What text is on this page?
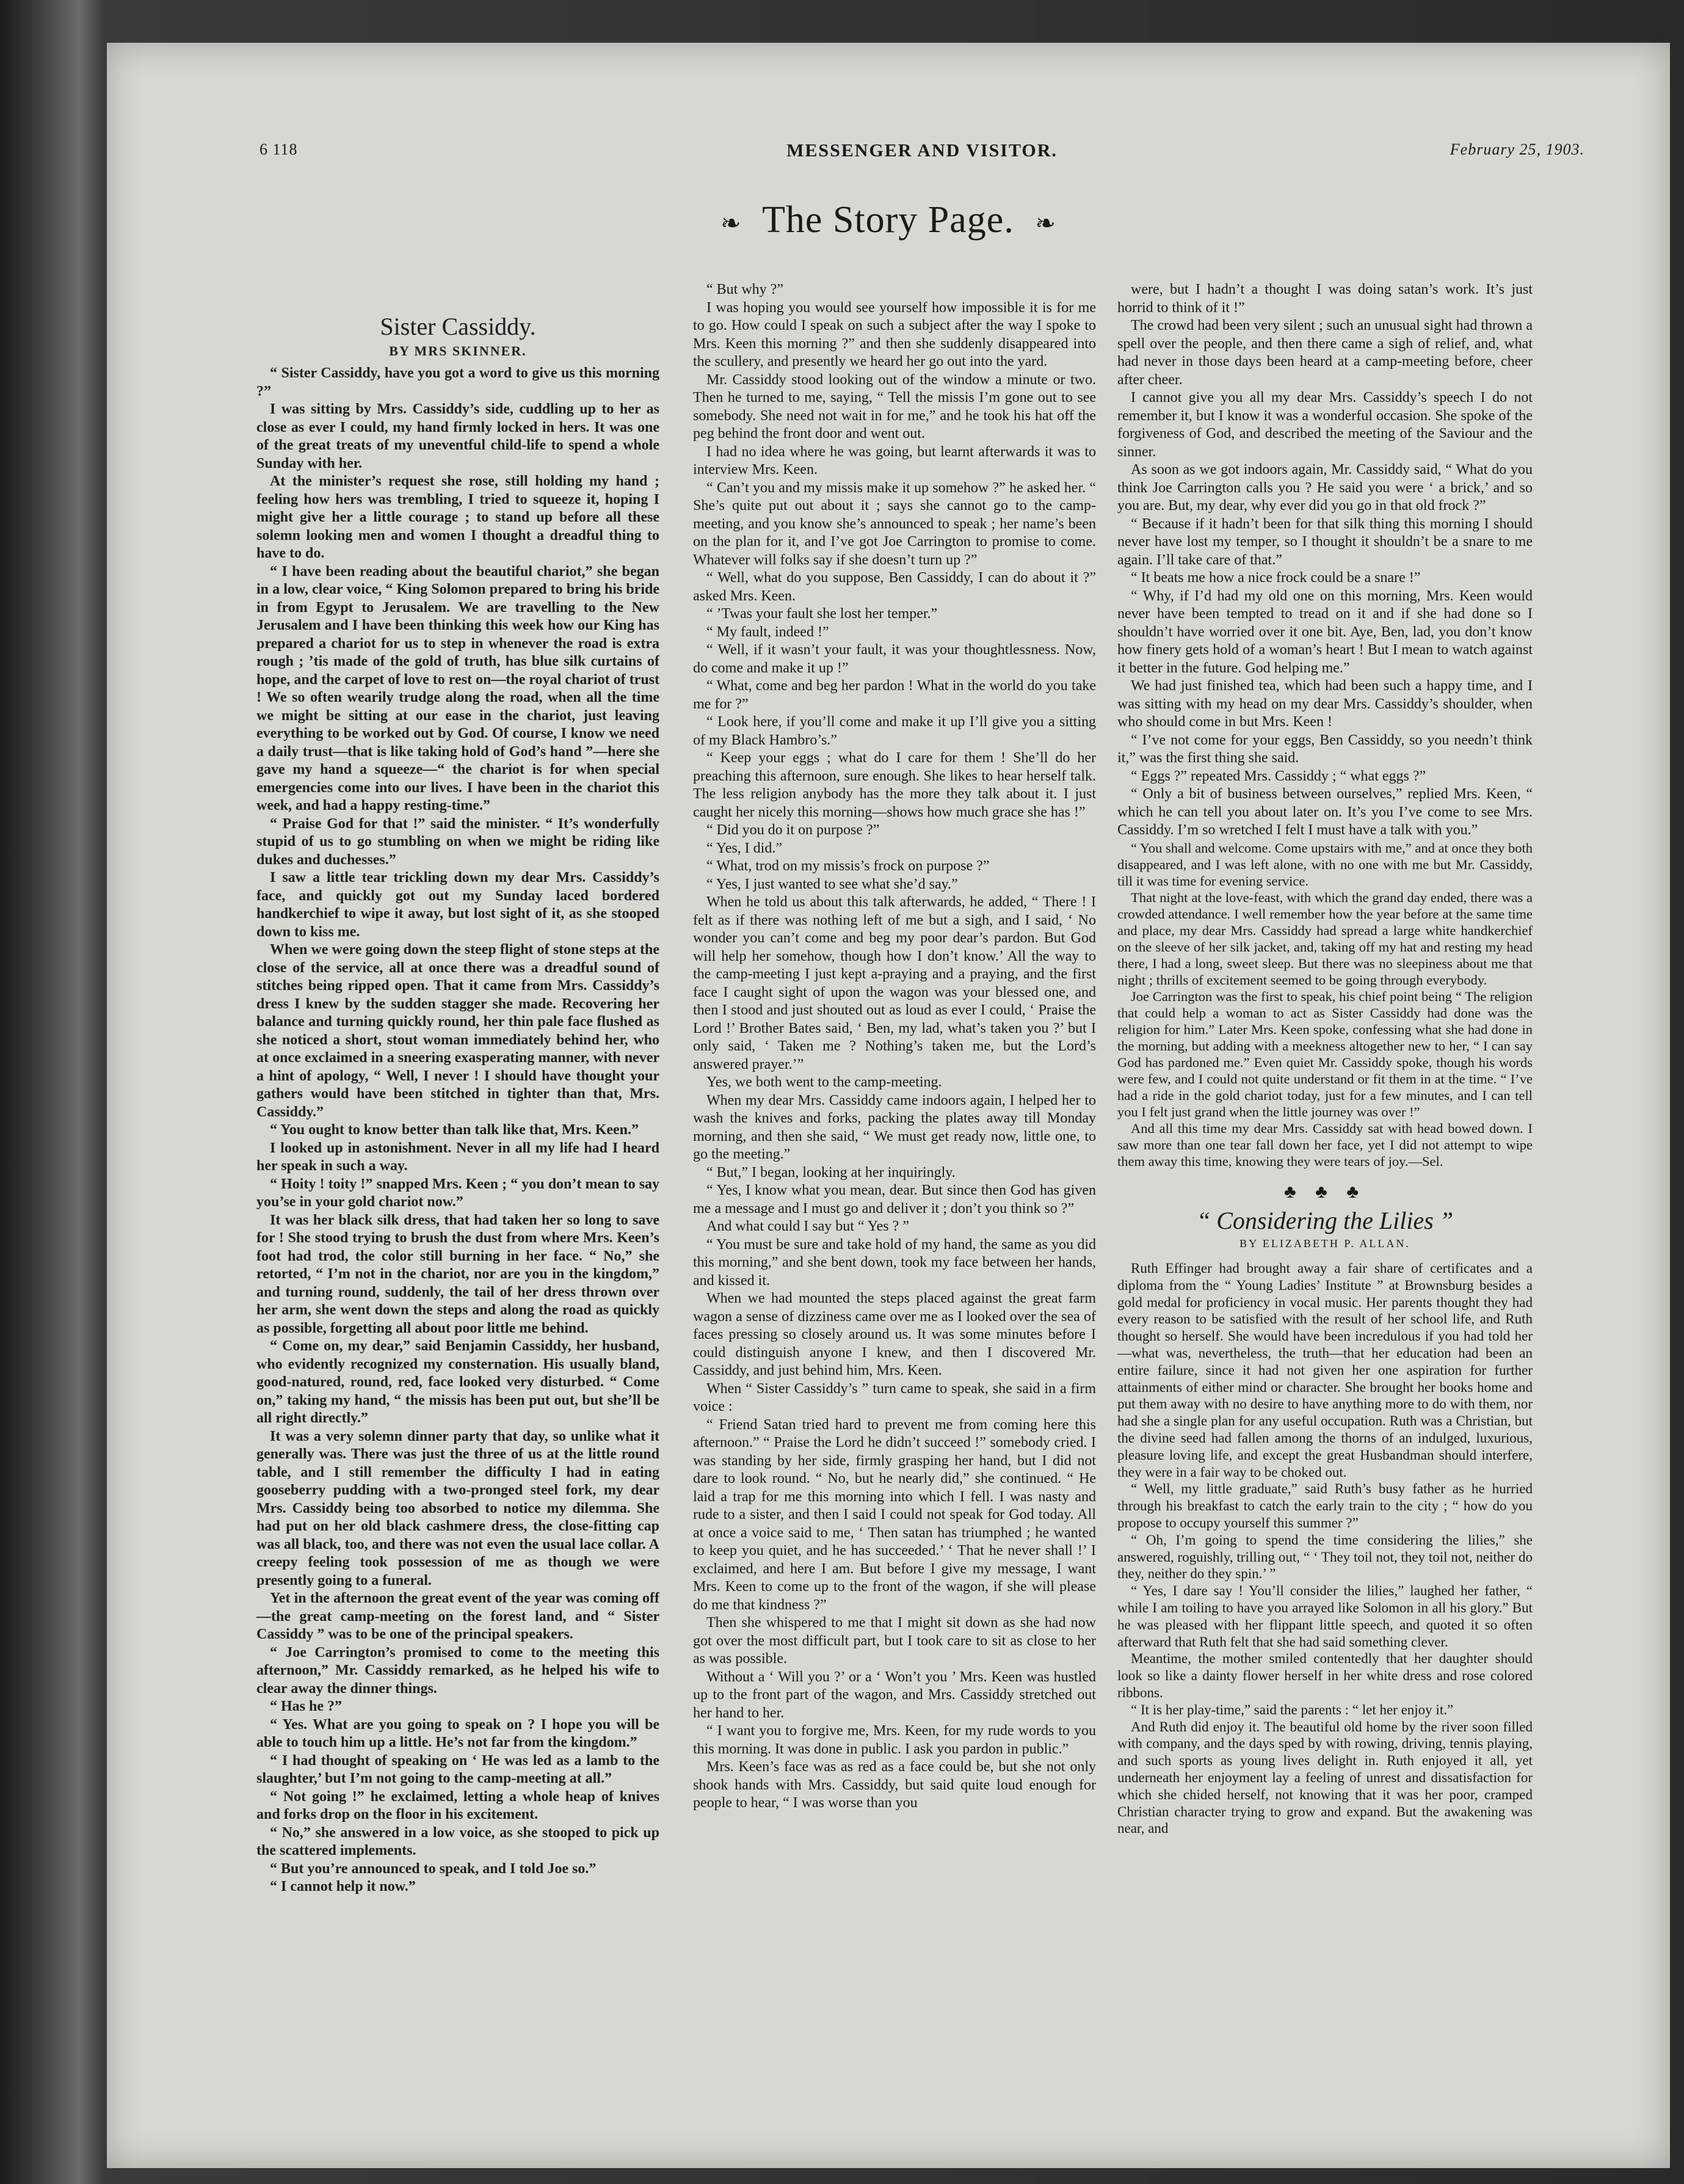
6 118	MESSENGER AND VISITOR.	February 25, 1903.
❧ The Story Page. ❧
Sister Cassiddy.
BY MRS SKINNER.

“ Sister Cassiddy, have you got a word to give us this morning ?”

I was sitting by Mrs. Cassiddy’s side, cuddling up to her as close as ever I could, my hand firmly locked in hers. It was one of the great treats of my uneventful child-life to spend a whole Sunday with her.

At the minister’s request she rose, still holding my hand ; feeling how hers was trembling, I tried to squeeze it, hoping I might give her a little courage ; to stand up before all these solemn looking men and women I thought a dreadful thing to have to do.

“ I have been reading about the beautiful chariot,” she began in a low, clear voice, “ King Solomon prepared to bring his bride in from Egypt to Jerusalem. We are travelling to the New Jerusalem and I have been thinking this week how our King has prepared a chariot for us to step in whenever the road is extra rough ; ’tis made of the gold of truth, has blue silk curtains of hope, and the carpet of love to rest on—the royal chariot of trust ! We so often wearily trudge along the road, when all the time we might be sitting at our ease in the chariot, just leaving everything to be worked out by God. Of course, I know we need a daily trust—that is like taking hold of God’s hand ”—here she gave my hand a squeeze—“ the chariot is for when special emergencies come into our lives. I have been in the chariot this week, and had a happy resting-time.”

“ Praise God for that !” said the minister. “ It’s wonderfully stupid of us to go stumbling on when we might be riding like dukes and duchesses.”

I saw a little tear trickling down my dear Mrs. Cassiddy’s face, and quickly got out my Sunday laced bordered handkerchief to wipe it away, but lost sight of it, as she stooped down to kiss me.

When we were going down the steep flight of stone steps at the close of the service, all at once there was a dreadful sound of stitches being ripped open. That it came from Mrs. Cassiddy’s dress I knew by the sudden stagger she made. Recovering her balance and turning quickly round, her thin pale face flushed as she noticed a short, stout woman immediately behind her, who at once exclaimed in a sneering exasperating manner, with never a hint of apology, “ Well, I never ! I should have thought your gathers would have been stitched in tighter than that, Mrs. Cassiddy.”

“ You ought to know better than talk like that, Mrs. Keen.”

I looked up in astonishment. Never in all my life had I heard her speak in such a way.

“ Hoity ! toity !” snapped Mrs. Keen ; “ you don’t mean to say you’se in your gold chariot now.”

It was her black silk dress, that had taken her so long to save for ! She stood trying to brush the dust from where Mrs. Keen’s foot had trod, the color still burning in her face. “ No,” she retorted, “ I’m not in the chariot, nor are you in the kingdom,” and turning round, suddenly, the tail of her dress thrown over her arm, she went down the steps and along the road as quickly as possible, forgetting all about poor little me behind.

“ Come on, my dear,” said Benjamin Cassiddy, her husband, who evidently recognized my consternation. His usually bland, good-natured, round, red, face looked very disturbed. “ Come on,” taking my hand, “ the missis has been put out, but she’ll be all right directly.”

It was a very solemn dinner party that day, so unlike what it generally was. There was just the three of us at the little round table, and I still remember the difficulty I had in eating gooseberry pudding with a two-pronged steel fork, my dear Mrs. Cassiddy being too absorbed to notice my dilemma. She had put on her old black cashmere dress, the close-fitting cap was all black, too, and there was not even the usual lace collar. A creepy feeling took possession of me as though we were presently going to a funeral.

Yet in the afternoon the great event of the year was coming off—the great camp-meeting on the forest land, and “ Sister Cassiddy ” was to be one of the principal speakers.

“ Joe Carrington’s promised to come to the meeting this afternoon,” Mr. Cassiddy remarked, as he helped his wife to clear away the dinner things.

“ Has he ?”

“ Yes. What are you going to speak on ? I hope you will be able to touch him up a little. He’s not far from the kingdom.”

“ I had thought of speaking on ‘ He was led as a lamb to the slaughter,’ but I’m not going to the camp-meeting at all.”

“ Not going !” he exclaimed, letting a whole heap of knives and forks drop on the floor in his excitement.

“ No,” she answered in a low voice, as she stooped to pick up the scattered implements.

“ But you’re announced to speak, and I told Joe so.”

“ I cannot help it now.”

“ But why ?”

I was hoping you would see yourself how impossible it is for me to go. How could I speak on such a subject after the way I spoke to Mrs. Keen this morning ?” and then she suddenly disappeared into the scullery, and presently we heard her go out into the yard.

Mr. Cassiddy stood looking out of the window a minute or two. Then he turned to me, saying, “ Tell the missis I’m gone out to see somebody. She need not wait in for me,” and he took his hat off the peg behind the front door and went out.

I had no idea where he was going, but learnt afterwards it was to interview Mrs. Keen.

“ Can’t you and my missis make it up somehow ?” he asked her. “ She’s quite put out about it ; says she cannot go to the camp-meeting, and you know she’s announced to speak ; her name’s been on the plan for it, and I’ve got Joe Carrington to promise to come. Whatever will folks say if she doesn’t turn up ?”

“ Well, what do you suppose, Ben Cassiddy, I can do about it ?” asked Mrs. Keen.

“ ’Twas your fault she lost her temper.”

“ My fault, indeed !”

“ Well, if it wasn’t your fault, it was your thoughtlessness. Now, do come and make it up !”

“ What, come and beg her pardon ! What in the world do you take me for ?”

“ Look here, if you’ll come and make it up I’ll give you a sitting of my Black Hambro’s.”

“ Keep your eggs ; what do I care for them ! She’ll do her preaching this afternoon, sure enough. She likes to hear herself talk. The less religion anybody has the more they talk about it. I just caught her nicely this morning—shows how much grace she has !”

“ Did you do it on purpose ?”

“ Yes, I did.”

“ What, trod on my missis’s frock on purpose ?”

“ Yes, I just wanted to see what she’d say.”

When he told us about this talk afterwards, he added, “ There ! I felt as if there was nothing left of me but a sigh, and I said, ‘ No wonder you can’t come and beg my poor dear’s pardon. But God will help her somehow, though how I don’t know.’ All the way to the camp-meeting I just kept a-praying and a praying, and the first face I caught sight of upon the wagon was your blessed one, and then I stood and just shouted out as loud as ever I could, ‘ Praise the Lord !’ Brother Bates said, ‘ Ben, my lad, what’s taken you ?’ but I only said, ‘ Taken me ? Nothing’s taken me, but the Lord’s answered prayer.’”

Yes, we both went to the camp-meeting.

When my dear Mrs. Cassiddy came indoors again, I helped her to wash the knives and forks, packing the plates away till Monday morning, and then she said, “ We must get ready now, little one, to go the meeting.”

“ But,” I began, looking at her inquiringly.

“ Yes, I know what you mean, dear. But since then God has given me a message and I must go and deliver it ; don’t you think so ?”

And what could I say but “ Yes ? ”

“ You must be sure and take hold of my hand, the same as you did this morning,” and she bent down, took my face between her hands, and kissed it.

When we had mounted the steps placed against the great farm wagon a sense of dizziness came over me as I looked over the sea of faces pressing so closely around us. It was some minutes before I could distinguish anyone I knew, and then I discovered Mr. Cassiddy, and just behind him, Mrs. Keen.

When “ Sister Cassiddy’s ” turn came to speak, she said in a firm voice :

“ Friend Satan tried hard to prevent me from coming here this afternoon.” “ Praise the Lord he didn’t succeed !” somebody cried. I was standing by her side, firmly grasping her hand, but I did not dare to look round. “ No, but he nearly did,” she continued. “ He laid a trap for me this morning into which I fell. I was nasty and rude to a sister, and then I said I could not speak for God today. All at once a voice said to me, ‘ Then satan has triumphed ; he wanted to keep you quiet, and he has succeeded.’ ‘ That he never shall !’ I exclaimed, and here I am. But before I give my message, I want Mrs. Keen to come up to the front of the wagon, if she will please do me that kindness ?”

Then she whispered to me that I might sit down as she had now got over the most difficult part, but I took care to sit as close to her as was possible.

Without a ‘ Will you ?’ or a ‘ Won’t you ’ Mrs. Keen was hustled up to the front part of the wagon, and Mrs. Cassiddy stretched out her hand to her.

“ I want you to forgive me, Mrs. Keen, for my rude words to you this morning. It was done in public. I ask you pardon in public.”

Mrs. Keen’s face was as red as a face could be, but she not only shook hands with Mrs. Cassiddy, but said quite loud enough for people to hear, “ I was worse than you

were, but I hadn’t a thought I was doing satan’s work. It’s just horrid to think of it !”

The crowd had been very silent ; such an unusual sight had thrown a spell over the people, and then there came a sigh of relief, and, what had never in those days been heard at a camp-meeting before, cheer after cheer.

I cannot give you all my dear Mrs. Cassiddy’s speech I do not remember it, but I know it was a wonderful occasion. She spoke of the forgiveness of God, and described the meeting of the Saviour and the sinner.

As soon as we got indoors again, Mr. Cassiddy said, “ What do you think Joe Carrington calls you ? He said you were ‘ a brick,’ and so you are. But, my dear, why ever did you go in that old frock ?”

“ Because if it hadn’t been for that silk thing this morning I should never have lost my temper, so I thought it shouldn’t be a snare to me again. I’ll take care of that.”

“ It beats me how a nice frock could be a snare !”

“ Why, if I’d had my old one on this morning, Mrs. Keen would never have been tempted to tread on it and if she had done so I shouldn’t have worried over it one bit. Aye, Ben, lad, you don’t know how finery gets hold of a woman’s heart ! But I mean to watch against it better in the future. God helping me.”

We had just finished tea, which had been such a happy time, and I was sitting with my head on my dear Mrs. Cassiddy’s shoulder, when who should come in but Mrs. Keen !

“ I’ve not come for your eggs, Ben Cassiddy, so you needn’t think it,” was the first thing she said.

“ Eggs ?” repeated Mrs. Cassiddy ; “ what eggs ?”

“ Only a bit of business between ourselves,” replied Mrs. Keen, “ which he can tell you about later on. It’s you I’ve come to see Mrs. Cassiddy. I’m so wretched I felt I must have a talk with you.”

“ You shall and welcome. Come upstairs with me,” and at once they both disappeared, and I was left alone, with no one with me but Mr. Cassiddy, till it was time for evening service.

That night at the love-feast, with which the grand day ended, there was a crowded attendance. I well remember how the year before at the same time and place, my dear Mrs. Cassiddy had spread a large white handkerchief on the sleeve of her silk jacket, and, taking off my hat and resting my head there, I had a long, sweet sleep. But there was no sleepiness about me that night ; thrills of excitement seemed to be going through everybody.

Joe Carrington was the first to speak, his chief point being “ The religion that could help a woman to act as Sister Cassiddy had done was the religion for him.” Later Mrs. Keen spoke, confessing what she had done in the morning, but adding with a meekness altogether new to her, “ I can say God has pardoned me.” Even quiet Mr. Cassiddy spoke, though his words were few, and I could not quite understand or fit them in at the time. “ I’ve had a ride in the gold chariot today, just for a few minutes, and I can tell you I felt just grand when the little journey was over !”

And all this time my dear Mrs. Cassiddy sat with head bowed down. I saw more than one tear fall down her face, yet I did not attempt to wipe them away this time, knowing they were tears of joy.—Sel.

♣ ♣ ♣
“ Considering the Lilies ”
BY ELIZABETH P. ALLAN.

Ruth Effinger had brought away a fair share of certificates and a diploma from the “ Young Ladies’ Institute ” at Brownsburg besides a gold medal for proficiency in vocal music. Her parents thought they had every reason to be satisfied with the result of her school life, and Ruth thought so herself. She would have been incredulous if you had told her—what was, nevertheless, the truth—that her education had been an entire failure, since it had not given her one aspiration for further attainments of either mind or character. She brought her books home and put them away with no desire to have anything more to do with them, nor had she a single plan for any useful occupation. Ruth was a Christian, but the divine seed had fallen among the thorns of an indulged, luxurious, pleasure loving life, and except the great Husbandman should interfere, they were in a fair way to be choked out.

“ Well, my little graduate,” said Ruth’s busy father as he hurried through his breakfast to catch the early train to the city ; “ how do you propose to occupy yourself this summer ?”

“ Oh, I’m going to spend the time considering the lilies,” she answered, roguishly, trilling out, “ ‘ They toil not, they toil not, neither do they, neither do they spin.’ ”

“ Yes, I dare say ! You’ll consider the lilies,” laughed her father, “ while I am toiling to have you arrayed like Solomon in all his glory.” But he was pleased with her flippant little speech, and quoted it so often afterward that Ruth felt that she had said something clever.

Meantime, the mother smiled contentedly that her daughter should look so like a dainty flower herself in her white dress and rose colored ribbons.

“ It is her play-time,” said the parents : “ let her enjoy it.”

And Ruth did enjoy it. The beautiful old home by the river soon filled with company, and the days sped by with rowing, driving, tennis playing, and such sports as young lives delight in. Ruth enjoyed it all, yet underneath her enjoyment lay a feeling of unrest and dissatisfaction for which she chided herself, not knowing that it was her poor, cramped Christian character trying to grow and expand. But the awakening was near, and
